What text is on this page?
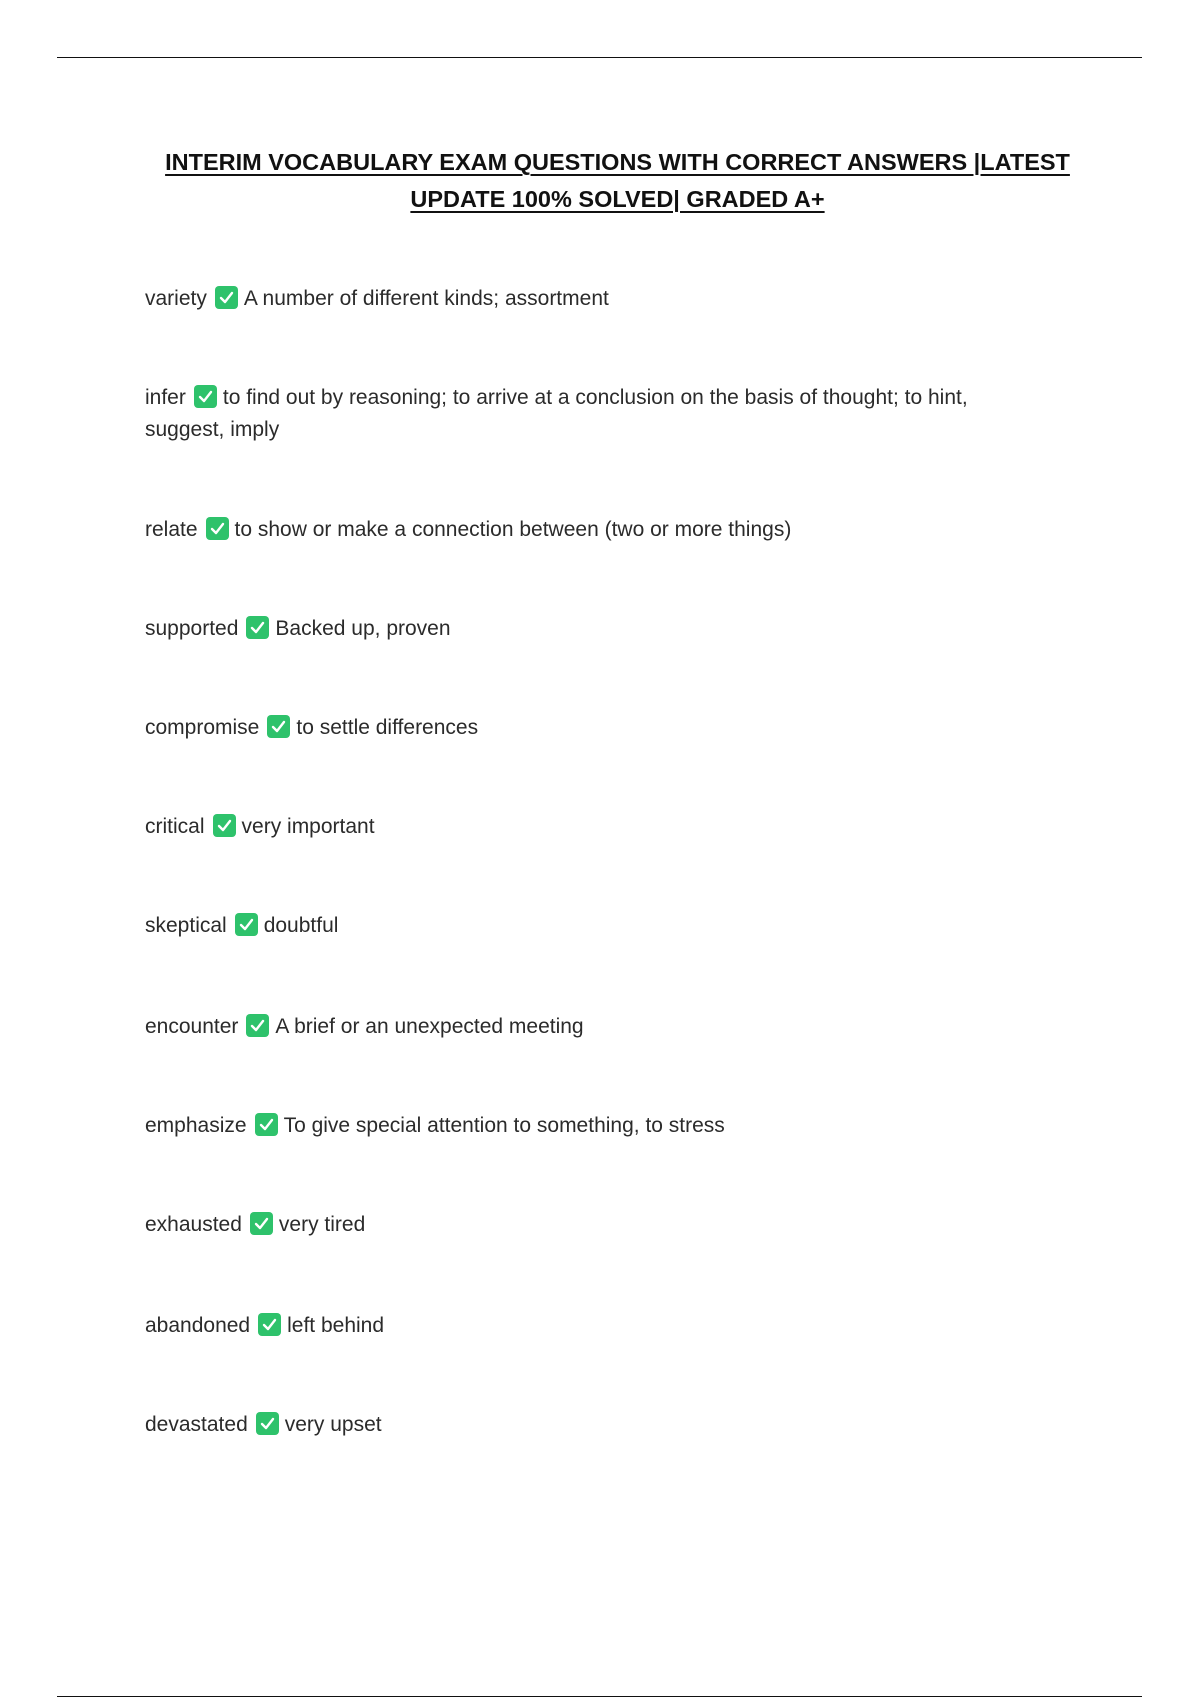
INTERIM VOCABULARY EXAM QUESTIONS WITH CORRECT ANSWERS |LATEST
UPDATE 100% SOLVED| GRADED A+
variety A number of different kinds; assortment
infer to find out by reasoning; to arrive at a conclusion on the basis of thought; to hint, suggest, imply
relate to show or make a connection between (two or more things)
supported Backed up, proven
compromise to settle differences
critical very important
skeptical doubtful
encounter A brief or an unexpected meeting
emphasize To give special attention to something, to stress
exhausted very tired
abandoned left behind
devastated very upset
